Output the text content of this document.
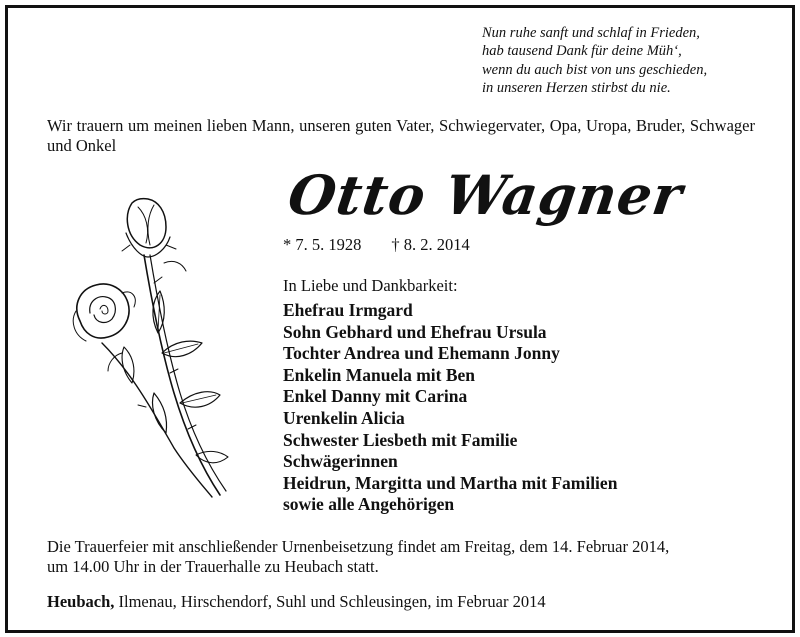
Nun ruhe sanft und schlaf in Frieden,
hab tausend Dank für deine Müh‘,
wenn du auch bist von uns geschieden,
in unseren Herzen stirbst du nie.
Wir trauern um meinen lieben Mann, unseren guten Vater, Schwiegervater, Opa, Uropa, Bruder, Schwager und Onkel
Otto Wagner
* 7. 5. 1928 † 8. 2. 2014
In Liebe und Dankbarkeit:
Ehefrau Irmgard
Sohn Gebhard und Ehefrau Ursula
Tochter Andrea und Ehemann Jonny
Enkelin Manuela mit Ben
Enkel Danny mit Carina
Urenkelin Alicia
Schwester Liesbeth mit Familie
Schwägerinnen
Heidrun, Margitta und Martha mit Familien
sowie alle Angehörigen
Die Trauerfeier mit anschließender Urnenbeisetzung findet am Freitag, dem 14. Februar 2014,
um 14.00 Uhr in der Trauerhalle zu Heubach statt.
Heubach, Ilmenau, Hirschendorf, Suhl und Schleusingen, im Februar 2014
